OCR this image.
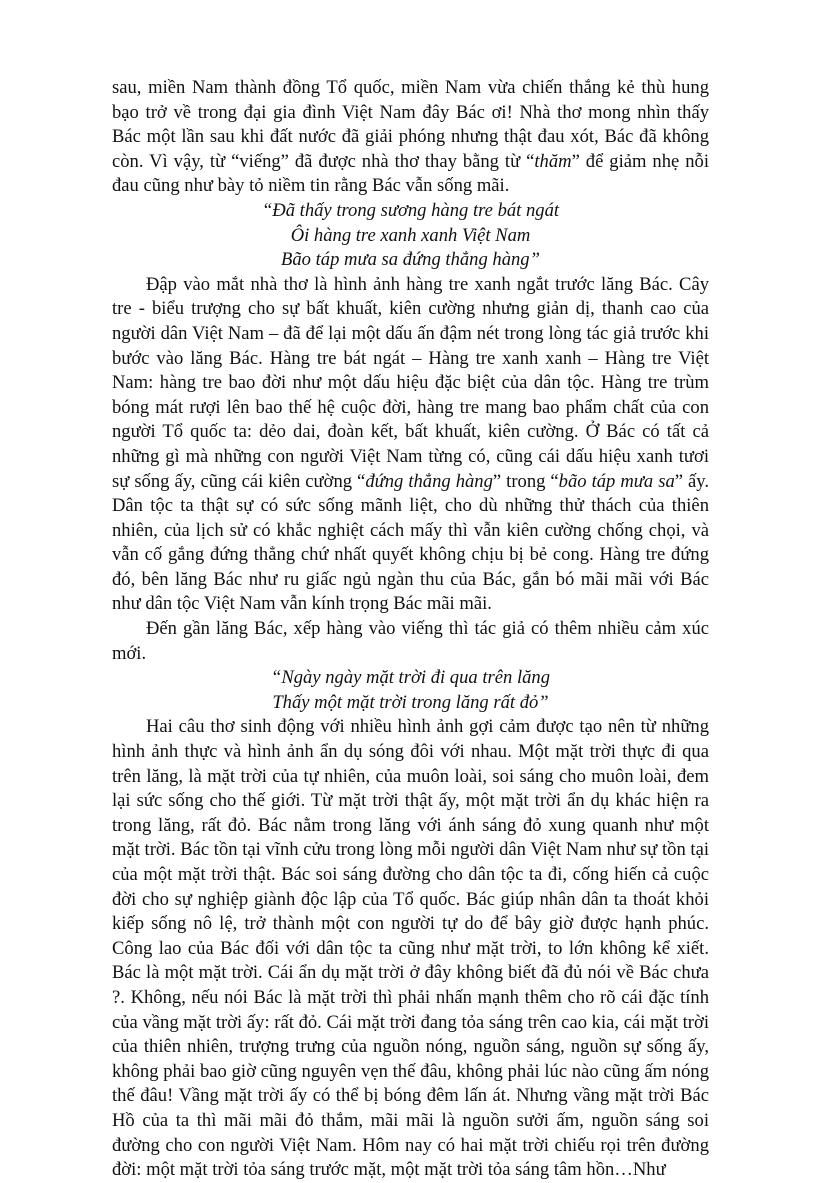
sau, miền Nam thành đồng Tổ quốc, miền Nam vừa chiến thắng kẻ thù hung bạo trở về trong đại gia đình Việt Nam đây Bác ơi! Nhà thơ mong nhìn thấy Bác một lần sau khi đất nước đã giải phóng nhưng thật đau xót, Bác đã không còn. Vì vậy, từ “viếng” đã được nhà thơ thay bằng từ “thăm” để giảm nhẹ nỗi đau cũng như bày tỏ niềm tin rằng Bác vẫn sống mãi.

“Đã thấy trong sương hàng tre bát ngát
Ôi hàng tre xanh xanh Việt Nam
Bão táp mưa sa đứng thẳng hàng”

Đập vào mắt nhà thơ là hình ảnh hàng tre xanh ngắt trước lăng Bác. Cây tre - biểu trượng cho sự bất khuất, kiên cường nhưng giản dị, thanh cao của người dân Việt Nam – đã để lại một dấu ấn đậm nét trong lòng tác giả trước khi bước vào lăng Bác. Hàng tre bát ngát – Hàng tre xanh xanh – Hàng tre Việt Nam: hàng tre bao đời như một dấu hiệu đặc biệt của dân tộc. Hàng tre trùm bóng mát rượi lên bao thế hệ cuộc đời, hàng tre mang bao phẩm chất của con người Tổ quốc ta: dẻo dai, đoàn kết, bất khuất, kiên cường. Ở Bác có tất cả những gì mà những con người Việt Nam từng có, cũng cái dấu hiệu xanh tươi sự sống ấy, cũng cái kiên cường “đứng thẳng hàng” trong “bão táp mưa sa” ấy. Dân tộc ta thật sự có sức sống mãnh liệt, cho dù những thử thách của thiên nhiên, của lịch sử có khắc nghiệt cách mấy thì vẫn kiên cường chống chọi, và vẫn cố gắng đứng thẳng chứ nhất quyết không chịu bị bẻ cong. Hàng tre đứng đó, bên lăng Bác như ru giấc ngủ ngàn thu của Bác, gắn bó mãi mãi với Bác như dân tộc Việt Nam vẫn kính trọng Bác mãi mãi.

Đến gần lăng Bác, xếp hàng vào viếng thì tác giả có thêm nhiều cảm xúc mới.

“Ngày ngày mặt trời đi qua trên lăng
Thấy một mặt trời trong lăng rất đỏ”

Hai câu thơ sinh động với nhiều hình ảnh gợi cảm được tạo nên từ những hình ảnh thực và hình ảnh ẩn dụ sóng đôi với nhau. Một mặt trời thực đi qua trên lăng, là mặt trời của tự nhiên, của muôn loài, soi sáng cho muôn loài, đem lại sức sống cho thế giới. Từ mặt trời thật ấy, một mặt trời ẩn dụ khác hiện ra trong lăng, rất đỏ. Bác nằm trong lăng với ánh sáng đỏ xung quanh như một mặt trời. Bác tồn tại vĩnh cửu trong lòng mỗi người dân Việt Nam như sự tồn tại của một mặt trời thật. Bác soi sáng đường cho dân tộc ta đi, cống hiến cả cuộc đời cho sự nghiệp giành độc lập của Tổ quốc. Bác giúp nhân dân ta thoát khỏi kiếp sống nô lệ, trở thành một con người tự do để bây giờ được hạnh phúc. Công lao của Bác đối với dân tộc ta cũng như mặt trời, to lớn không kể xiết. Bác là một mặt trời. Cái ẩn dụ mặt trời ở đây không biết đã đủ nói về Bác chưa ?. Không, nếu nói Bác là mặt trời thì phải nhấn mạnh thêm cho rõ cái đặc tính của vầng mặt trời ấy: rất đỏ. Cái mặt trời đang tỏa sáng trên cao kia, cái mặt trời của thiên nhiên, trượng trưng của nguồn nóng, nguồn sáng, nguồn sự sống ấy, không phải bao giờ cũng nguyên vẹn thế đâu, không phải lúc nào cũng ấm nóng thế đâu! Vầng mặt trời ấy có thể bị bóng đêm lấn át. Nhưng vầng mặt trời Bác Hồ của ta thì mãi mãi đỏ thắm, mãi mãi là nguồn sưởi ấm, nguồn sáng soi đường cho con người Việt Nam. Hôm nay có hai mặt trời chiếu rọi trên đường đời: một mặt trời tỏa sáng trước mặt, một mặt trời tỏa sáng tâm hồn…Như
